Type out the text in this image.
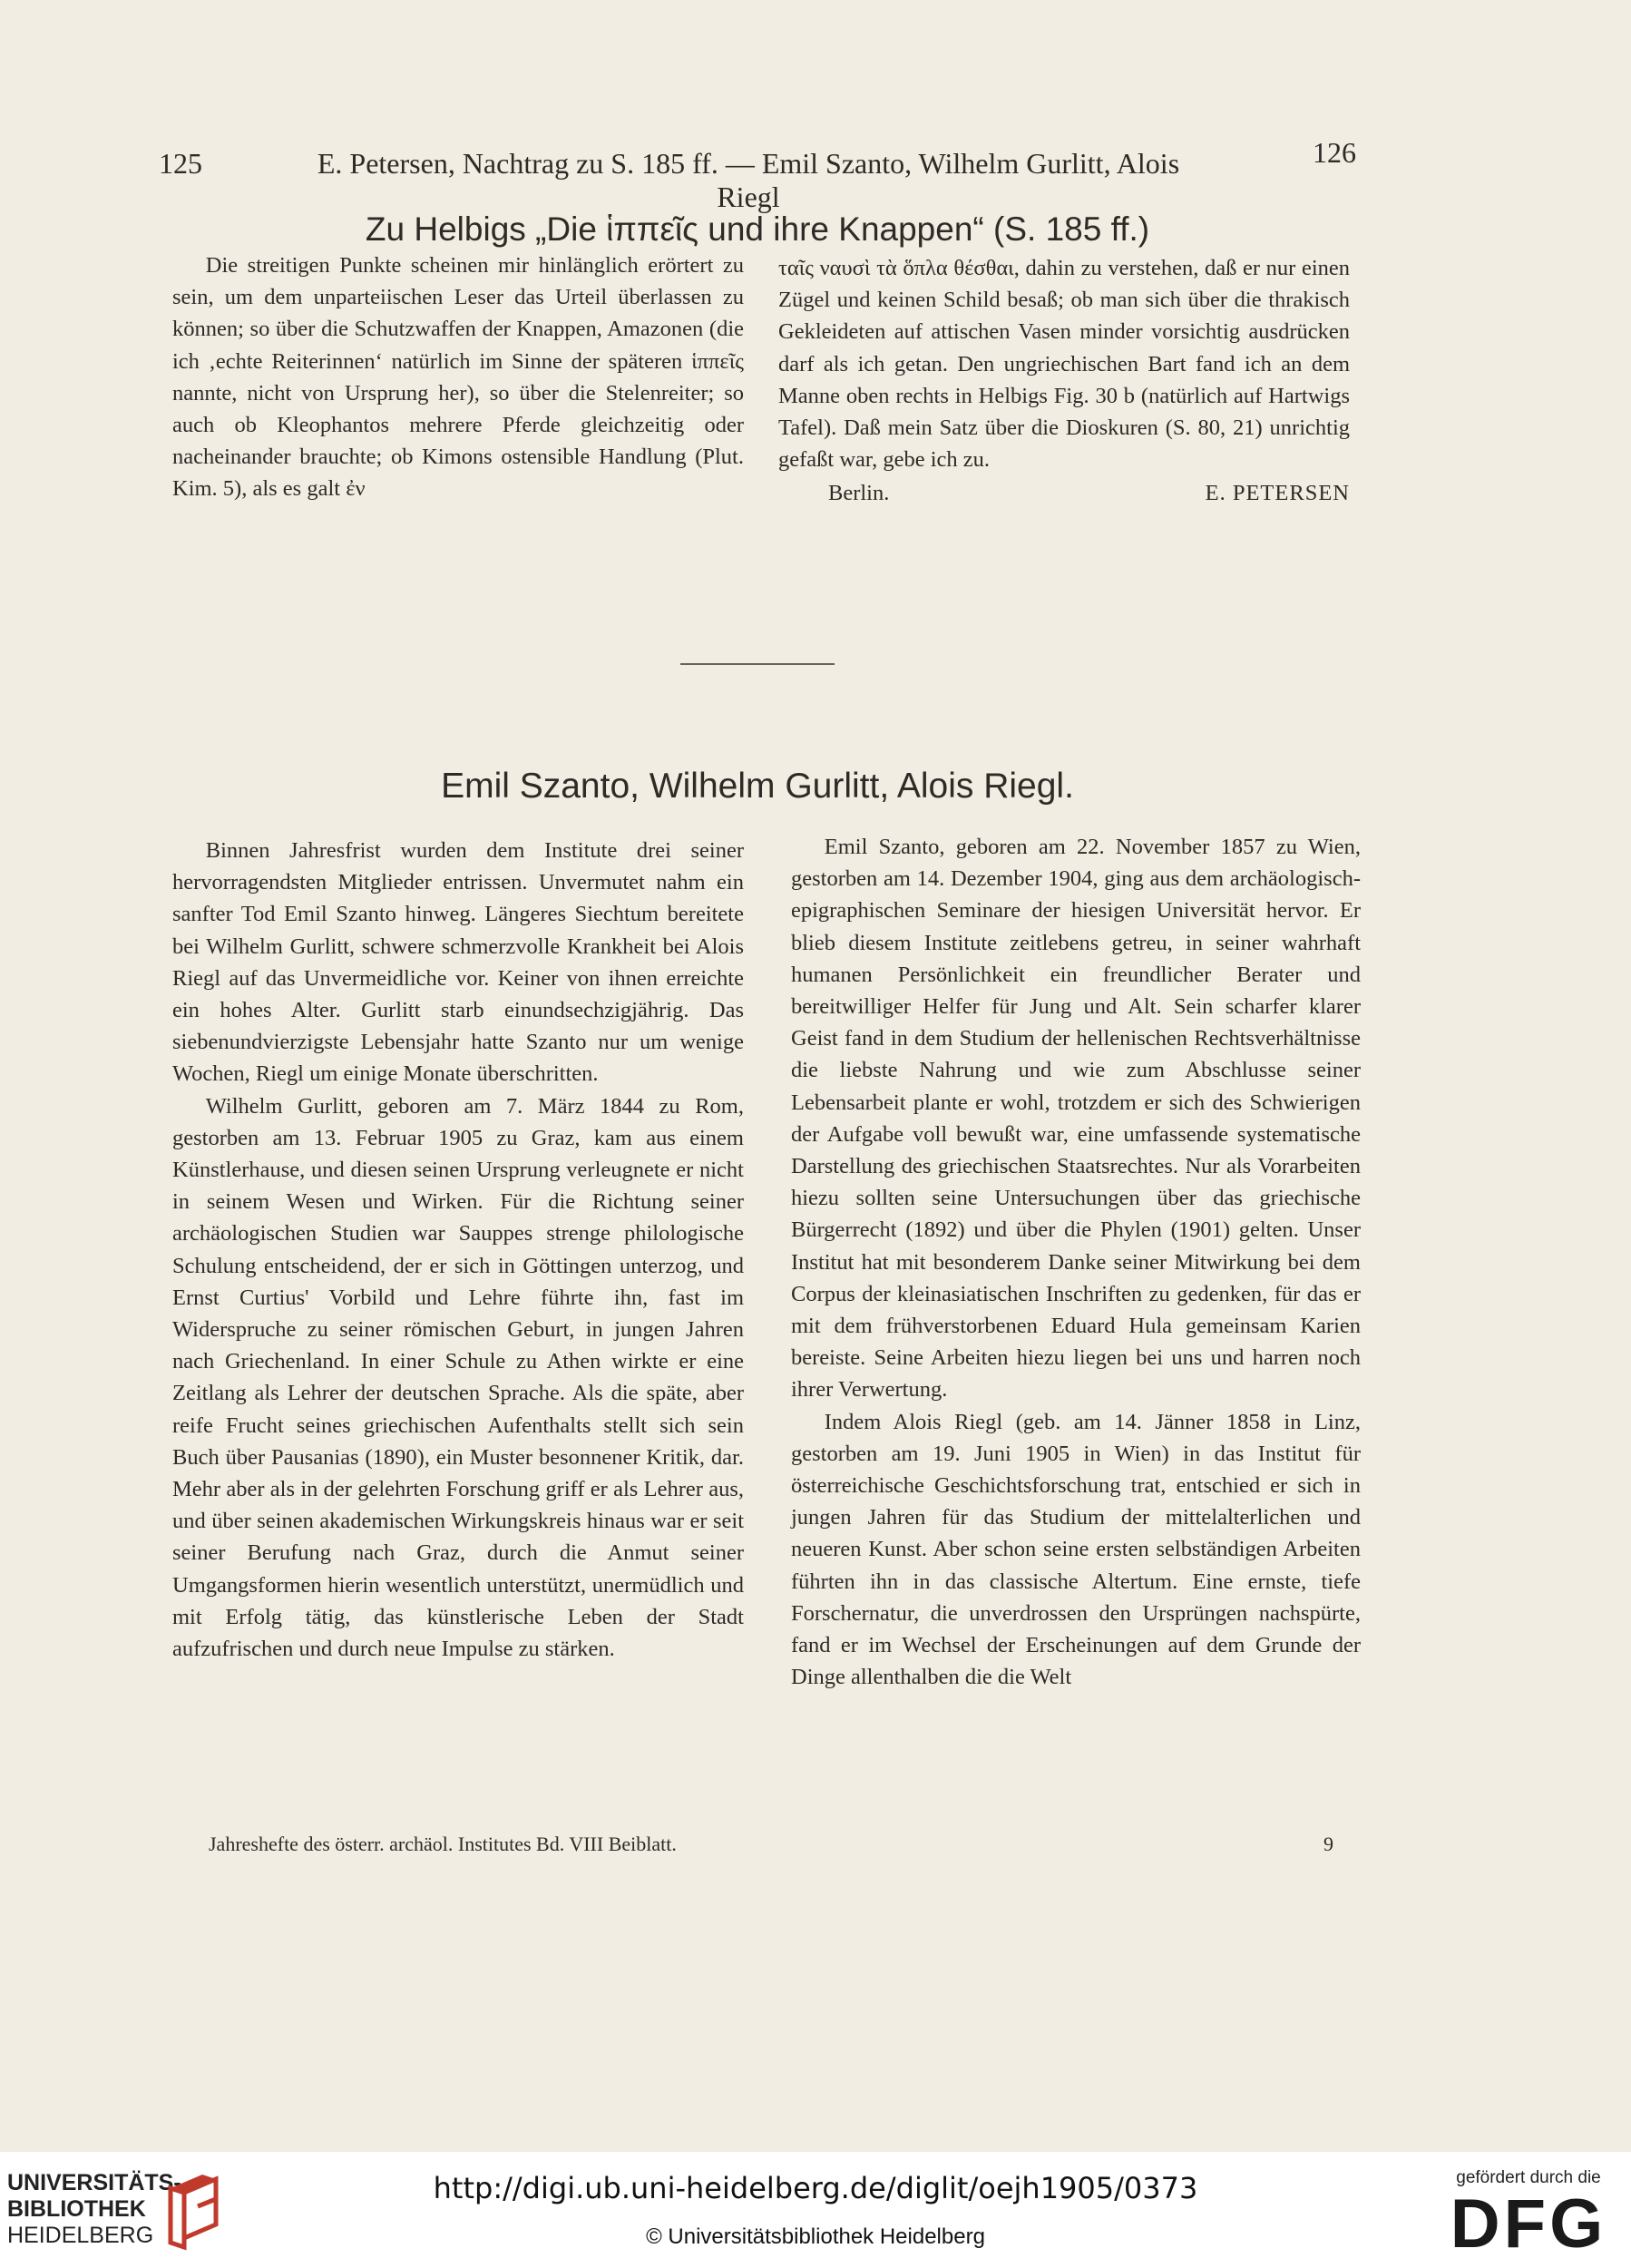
125	E. Petersen, Nachtrag zu S. 185 ff. — Emil Szanto, Wilhelm Gurlitt, Alois Riegl
126
Zu Helbigs „Die ἱππεῖς und ihre Knappen“ (S. 185 ff.)

Die streitigen Punkte scheinen mir hinlänglich erörtert zu sein, um dem unparteiischen Leser das Urteil überlassen zu können; so über die Schutzwaffen der Knappen, Amazonen (die ich ‚echte Reiterinnen‘ natürlich im Sinne der späteren ἱππεῖς nannte, nicht von Ursprung her), so über die Stelenreiter; so auch ob Kleophantos mehrere Pferde gleichzeitig oder nacheinander brauchte; ob Kimons ostensible Handlung (Plut. Kim. 5), als es galt ἐν

ταῖς ναυσὶ τὰ ὅπλα θέσθαι, dahin zu verstehen, daß er nur einen Zügel und keinen Schild besaß; ob man sich über die thrakisch Gekleideten auf attischen Vasen minder vorsichtig ausdrücken darf als ich getan. Den ungriechischen Bart fand ich an dem Manne oben rechts in Helbigs Fig. 30 b (natürlich auf Hartwigs Tafel). Daß mein Satz über die Dioskuren (S. 80, 21) unrichtig gefaßt war, gebe ich zu.

Berlin.	E. PETERSEN
Emil Szanto, Wilhelm Gurlitt, Alois Riegl.

Binnen Jahresfrist wurden dem Institute drei seiner hervorragendsten Mitglieder entrissen. Unvermutet nahm ein sanfter Tod Emil Szanto hinweg. Längeres Siechtum bereitete bei Wilhelm Gurlitt, schwere schmerzvolle Krankheit bei Alois Riegl auf das Unvermeidliche vor. Keiner von ihnen erreichte ein hohes Alter. Gurlitt starb einundsechzigjährig. Das siebenundvierzigste Lebensjahr hatte Szanto nur um wenige Wochen, Riegl um einige Monate überschritten.

Wilhelm Gurlitt, geboren am 7. März 1844 zu Rom, gestorben am 13. Februar 1905 zu Graz, kam aus einem Künstlerhause, und diesen seinen Ursprung verleugnete er nicht in seinem Wesen und Wirken. Für die Richtung seiner archäologischen Studien war Sauppes strenge philologische Schulung entscheidend, der er sich in Göttingen unterzog, und Ernst Curtius' Vorbild und Lehre führte ihn, fast im Widerspruche zu seiner römischen Geburt, in jungen Jahren nach Griechenland. In einer Schule zu Athen wirkte er eine Zeitlang als Lehrer der deutschen Sprache. Als die späte, aber reife Frucht seines griechischen Aufenthalts stellt sich sein Buch über Pausanias (1890), ein Muster besonnener Kritik, dar. Mehr aber als in der gelehrten Forschung griff er als Lehrer aus, und über seinen akademischen Wirkungskreis hinaus war er seit seiner Berufung nach Graz, durch die Anmut seiner Umgangsformen hierin wesentlich unterstützt, unermüdlich und mit Erfolg tätig, das künstlerische Leben der Stadt aufzufrischen und durch neue Impulse zu stärken.

Emil Szanto, geboren am 22. November 1857 zu Wien, gestorben am 14. Dezember 1904, ging aus dem archäologisch-epigraphischen Seminare der hiesigen Universität hervor. Er blieb diesem Institute zeitlebens getreu, in seiner wahrhaft humanen Persönlichkeit ein freundlicher Berater und bereitwilliger Helfer für Jung und Alt. Sein scharfer klarer Geist fand in dem Studium der hellenischen Rechtsverhältnisse die liebste Nahrung und wie zum Abschlusse seiner Lebensarbeit plante er wohl, trotzdem er sich des Schwierigen der Aufgabe voll bewußt war, eine umfassende systematische Darstellung des griechischen Staatsrechtes. Nur als Vorarbeiten hiezu sollten seine Untersuchungen über das griechische Bürgerrecht (1892) und über die Phylen (1901) gelten. Unser Institut hat mit besonderem Danke seiner Mitwirkung bei dem Corpus der kleinasiatischen Inschriften zu gedenken, für das er mit dem frühverstorbenen Eduard Hula gemeinsam Karien bereiste. Seine Arbeiten hiezu liegen bei uns und harren noch ihrer Verwertung.

Indem Alois Riegl (geb. am 14. Jänner 1858 in Linz, gestorben am 19. Juni 1905 in Wien) in das Institut für österreichische Geschichtsforschung trat, entschied er sich in jungen Jahren für das Studium der mittelalterlichen und neueren Kunst. Aber schon seine ersten selbständigen Arbeiten führten ihn in das classische Altertum. Eine ernste, tiefe Forschernatur, die unverdrossen den Ursprüngen nachspürte, fand er im Wechsel der Erscheinungen auf dem Grunde der Dinge allenthalben die die Welt

Jahreshefte des österr. archäol. Institutes Bd. VIII Beiblatt.	9
UNIVERSITÄTS-
BIBLIOTHEK
HEIDELBERG
http://digi.ub.uni-heidelberg.de/diglit/oejh1905/0373
© Universitätsbibliothek Heidelberg
gefördert durch die
DFG
